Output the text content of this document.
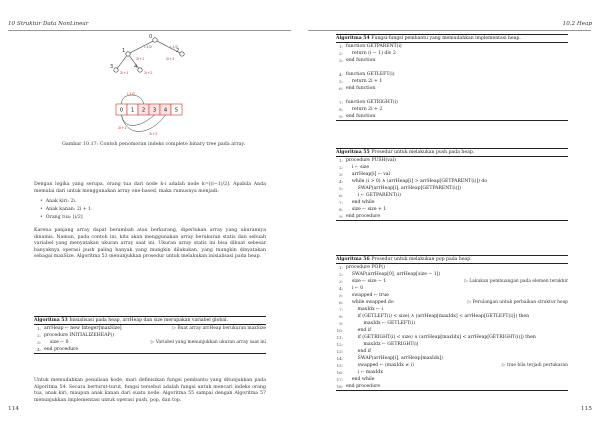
10 Struktur Data NonLinear
0
1	2
3	4
2i+1	2i+2
2i+1	2i+2
i-1/2	i-1/2
0 1 2 3 4 5
i-1/2
2i+1
2i+2
Gambar 10.17: Contoh penomoran indeks complete binary tree pada array.
Dengan logika yang serupa, orang tua dari node k-i adalah node k=⌊(i−1)/2⌋. Apabila Anda memulai dari untuk menggunakan array one-based, maka rumusnya menjadi:
• Anak kiri: 2i.
• Anak kanan: 2i + 1.
• Orang tua: ⌊i/2⌋
Karena panjang array dapat berambah atau berkurang, diperlukan array yang ukurannya dinamis. Namun, pada contoh ini, kita akan menggunakan array berukuran statis dan sebuah variabel yang menyatakan ukuran array saat ini. Ukuran array statis ini bisa dibuat sebesar banyaknya operasi push paling banyak yang mungkin dilakukan, yang mungkin dinyatakan sebagai maxSize. Algoritma 53 menunjukkan prosedur untuk melakukan inisialisasi pada heap.
Algoritma 53 Inisialisasi pada heap, arrHeap dan size merupakan variabel global.
1: arrHeap ← new Integer[maxSize]	▷ Buat array arrHeap berukuran maxSize
2: procedure INITIALIZEHEAP()
3: size ← 0	▷ Variabel yang menunjukkan ukuran array saat ini
4: end procedure
Untuk memudahkan penulisan kode, mari definisikan fungsi pembantu yang ditunjukkan pada Algoritma 54. Secara berturut-turut, fungsi tersebut adalah fungsi untuk mencari indeks orang tua, anak kiri, maupun anak kanan dari suatu node. Algoritma 55 sampai dengan Algoritma 57 menunjukkan implementasi untuk operasi push, pop, dan top.
114
10.2 Heap
Algoritma 54 Fungsi-fungsi pembantu yang memudahkan implementasi heap.
1: function GETPARENT(i)
2: return (i − 1) div 2
3: end function
4: function GETLEFT(i)
5: return 2i + 1
6: end function
7: function GETRIGHT(i)
8: return 2i + 2
9: end function
Algoritma 55 Prosedur untuk melakukan push pada heap.
1: procedure PUSH(val)
2: i ← size
3: arrHeap[i] ← val
4: while (i > 0) ∧ (arrHeap[i] > arrHeap[GETPARENT(i)]) do
5: SWAP(arrHeap[i], arrHeap[GETPARENT(i)])
6: i ← GETPARENT(i)
7: end while
8: size ← size + 1
9: end procedure
Algoritma 56 Prosedur untuk melakukan pop pada heap.
1: procedure POP()
2: SWAP(arrHeap[0], arrHeap[size − 1])
3: size ← size − 1	▷ Lakukan pembuangan pada elemen terakhir
4: i ← 0
5: swapped ← true
6: while swapped do	▷ Perulangan untuk perbaikan struktur heap
7: maxIdx ← i
8: if (GETLEFT(i) < size) ∧ (arrHeap[maxIdx] < arrHeap[GETLEFT(i)]) then
9: maxIdx ← GETLEFT(i)
10: end if
11: if (GETRIGHT(i) < size) ∧ (arrHeap[maxIdx] < arrHeap[GETRIGHT(i)]) then
12: maxIdx ← GETRIGHT(i)
13: end if
14: SWAP(arrHeap[i], arrHeap[maxIdx])
15: swapped ← (maxIdx ≠ i)	▷ true bila terjadi pertukaran
16: i ← maxIdx
17: end while
18: end procedure
115
